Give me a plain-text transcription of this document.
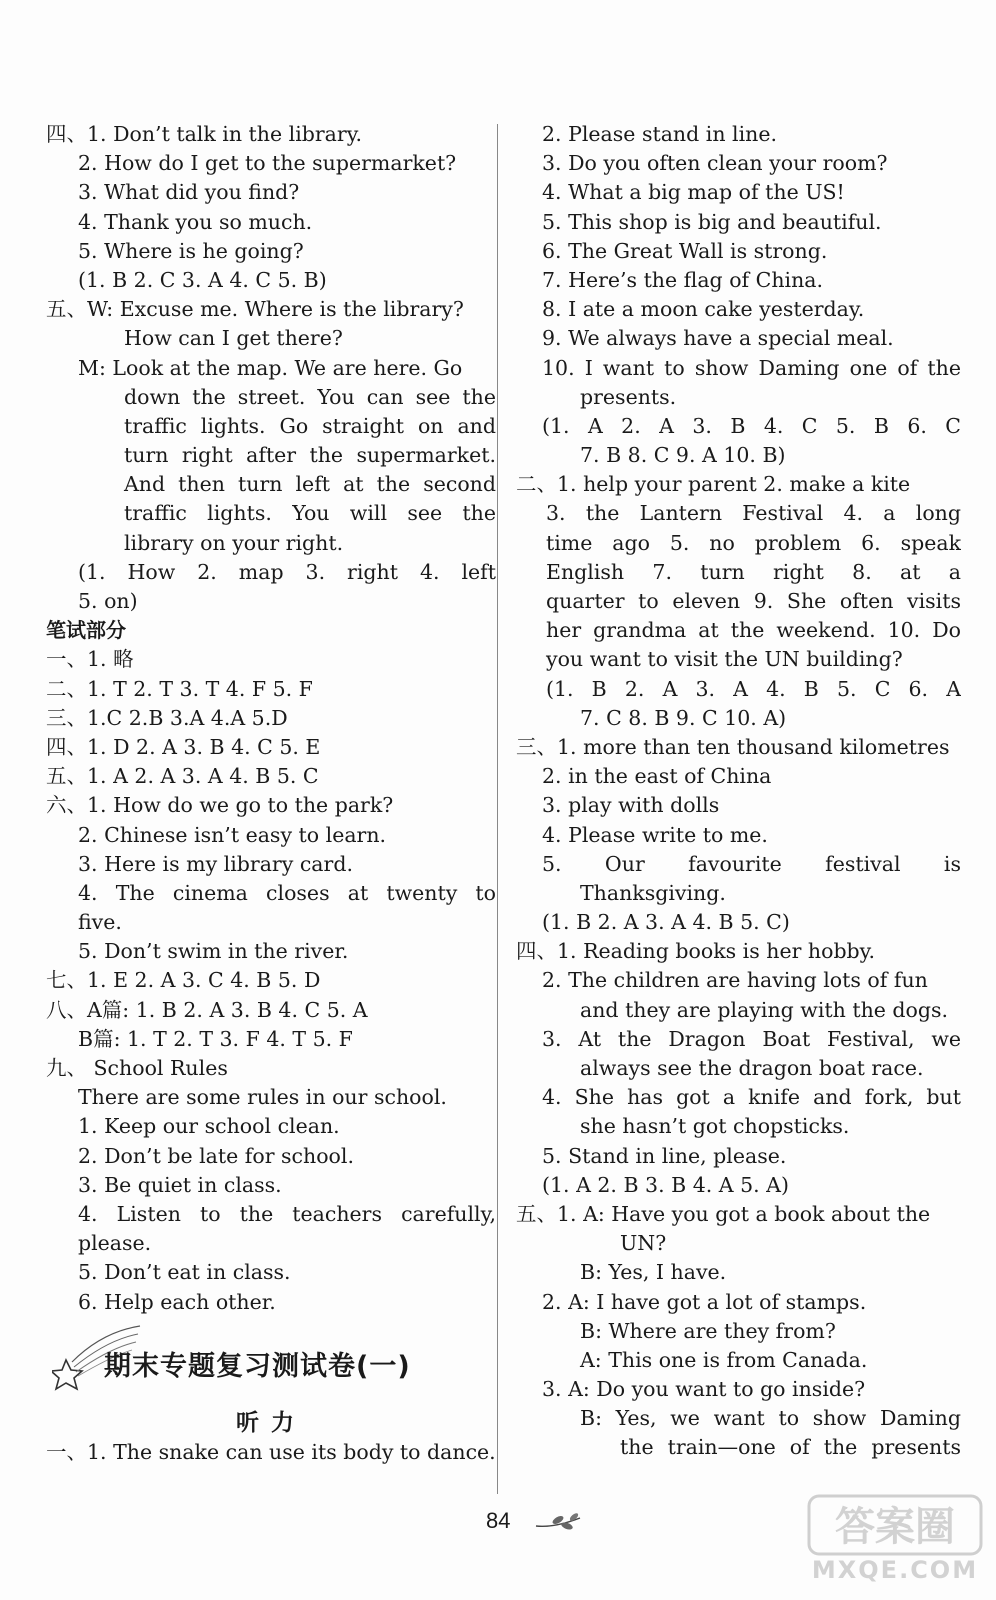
四、1. Don’t talk in the library.
2. How do I get to the supermarket?
3. What did you find?
4. Thank you so much.
5. Where is he going?
(1. B 2. C 3. A 4. C 5. B)
五、W: Excuse me. Where is the library?
How can I get there?
M: Look at the map. We are here. Go
down the street. You can see the
traffic lights. Go straight on and
turn right after the supermarket.
And then turn left at the second
traffic lights. You will see the
library on your right.
(1. How 2. map 3. right 4. left
5. on)
笔试部分
一、1. 略
二、1. T 2. T 3. T 4. F 5. F
三、1.C 2.B 3.A 4.A 5.D
四、1. D 2. A 3. B 4. C 5. E
五、1. A 2. A 3. A 4. B 5. C
六、1. How do we go to the park?
2. Chinese isn’t easy to learn.
3. Here is my library card.
4. The cinema closes at twenty to
five.
5. Don’t swim in the river.
七、1. E 2. A 3. C 4. B 5. D
八、A篇: 1. B 2. A 3. B 4. C 5. A
B篇: 1. T 2. T 3. F 4. T 5. F
九、 School Rules
There are some rules in our school.
1. Keep our school clean.
2. Don’t be late for school.
3. Be quiet in class.
4. Listen to the teachers carefully,
please.
5. Don’t eat in class.
6. Help each other.
2. Please stand in line.
3. Do you often clean your room?
4. What a big map of the US!
5. This shop is big and beautiful.
6. The Great Wall is strong.
7. Here’s the flag of China.
8. I ate a moon cake yesterday.
9. We always have a special meal.
10. I want to show Daming one of the
presents.
(1. A 2. A 3. B 4. C 5. B 6. C
7. B 8. C 9. A 10. B)
二、1. help your parent 2. make a kite
3. the Lantern Festival 4. a long
time ago 5. no problem 6. speak
English 7. turn right 8. at a
quarter to eleven 9. She often visits
her grandma at the weekend. 10. Do
you want to visit the UN building?
(1. B 2. A 3. A 4. B 5. C 6. A
7. C 8. B 9. C 10. A)
三、1. more than ten thousand kilometres
2. in the east of China
3. play with dolls
4. Please write to me.
5. Our favourite festival is
Thanksgiving.
(1. B 2. A 3. A 4. B 5. C)
四、1. Reading books is her hobby.
2. The children are having lots of fun
and they are playing with the dogs.
3. At the Dragon Boat Festival, we
always see the dragon boat race.
4. She has got a knife and fork, but
she hasn’t got chopsticks.
5. Stand in line, please.
(1. A 2. B 3. B 4. A 5. A)
五、1. A: Have you got a book about the
UN?
B: Yes, I have.
2. A: I have got a lot of stamps.
B: Where are they from?
A: This one is from Canada.
3. A: Do you want to go inside?
B: Yes, we want to show Daming
the train—one of the presents
期末专题复习测试卷(一)
听力
一、1. The snake can use its body to dance.
84	答案圈
MXQE.COM
